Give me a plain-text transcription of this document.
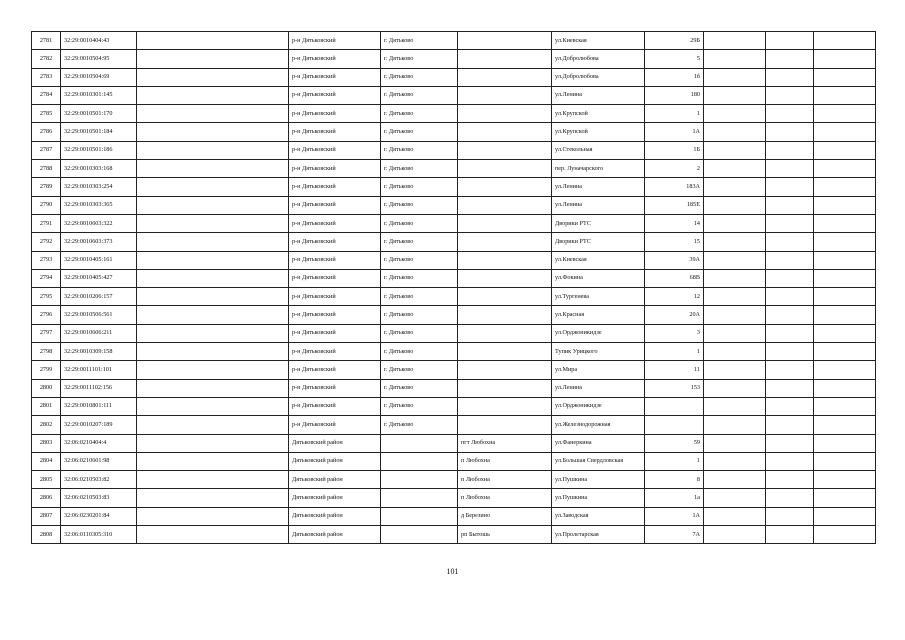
2781	32:29:0010404:43		р-н Дятьковский	г. Дятьково		ул.Киевская	29Б			
2782	32:29:0010504:95		р-н Дятьковский	г. Дятьково		ул.Добролюбова	5			
2783	32:29:0010504:69		р-н Дятьковский	г. Дятьково		ул.Добролюбова	1б			
2784	32:29:0010301:145		р-н Дятьковский	г. Дятьково		ул.Ленина	180			
2785	32:29:0010501:170		р-н Дятьковский	г. Дятьково		ул.Крупской	1			
2786	32:29:0010501:184		р-н Дятьковский	г. Дятьково		ул.Крупской	1А			
2787	32:29:0010501:186		р-н Дятьковский	г. Дятьково		ул.Стекольная	1Б			
2788	32:29:0010303:168		р-н Дятьковский	г. Дятьково		пер. Луначарского	2			
2789	32:29:0010303:254		р-н Дятьковский	г. Дятьково		ул.Ленина	183А			
2790	32:29:0010303:365		р-н Дятьковский	г. Дятьково		ул.Ленина	185Е			
2791	32:29:0010603:322		р-н Дятьковский	г. Дятьково		Дворики РТС	14			
2792	32:29:0010603:373		р-н Дятьковский	г. Дятьково		Дворики РТС	15			
2793	32:29:0010405:161		р-н Дятьковский	г. Дятьково		ул.Киевская	39А			
2794	32:29:0010405:427		р-н Дятьковский	г. Дятьково		ул.Фокина	68В			
2795	32:29:0010206:157		р-н Дятьковский	г. Дятьково		ул.Тургенева	12			
2796	32:29:0010506:561		р-н Дятьковский	г. Дятьково		ул.Красная	20А			
2797	32:29:0010606:211		р-н Дятьковский	г. Дятьково		ул.Орджоникидзе	3			
2798	32:29:0010309:158		р-н Дятьковский	г. Дятьково		Тупик Урицкого	1			
2799	32:29:0011101:101		р-н Дятьковский	г. Дятьково		ул.Мира	11			
2800	32:29:0011102:156		р-н Дятьковский	г. Дятьково		ул.Ленина	153			
2801	32:29:0010801:111		р-н Дятьковский	г. Дятьково		ул.Орджоникидзе				
2802	32:29:0010207:189		р-н Дятьковский	г. Дятьково		ул.Железнодорожная				
2803	32:06:0210404:4		Дятьковский район		пгт Любохна	ул.Фанеркина	59			
2804	32:06:0210601:98		Дятьковский район		п Любохна	ул.Большая Свердловская	1			
2805	32:06:0210503:82		Дятьковский район		п Любохна	ул.Пушкина	8			
2806	32:06:0210503:83		Дятьковский район		п Любохна	ул.Пушкина	1а			
2807	32:06:0230201:84		Дятьковский район		д Березино	ул.Заводская	1А			
2808	32:06:0110305:310		Дятьковский район		рп Бытошь	ул.Пролетарская	7А			
101
